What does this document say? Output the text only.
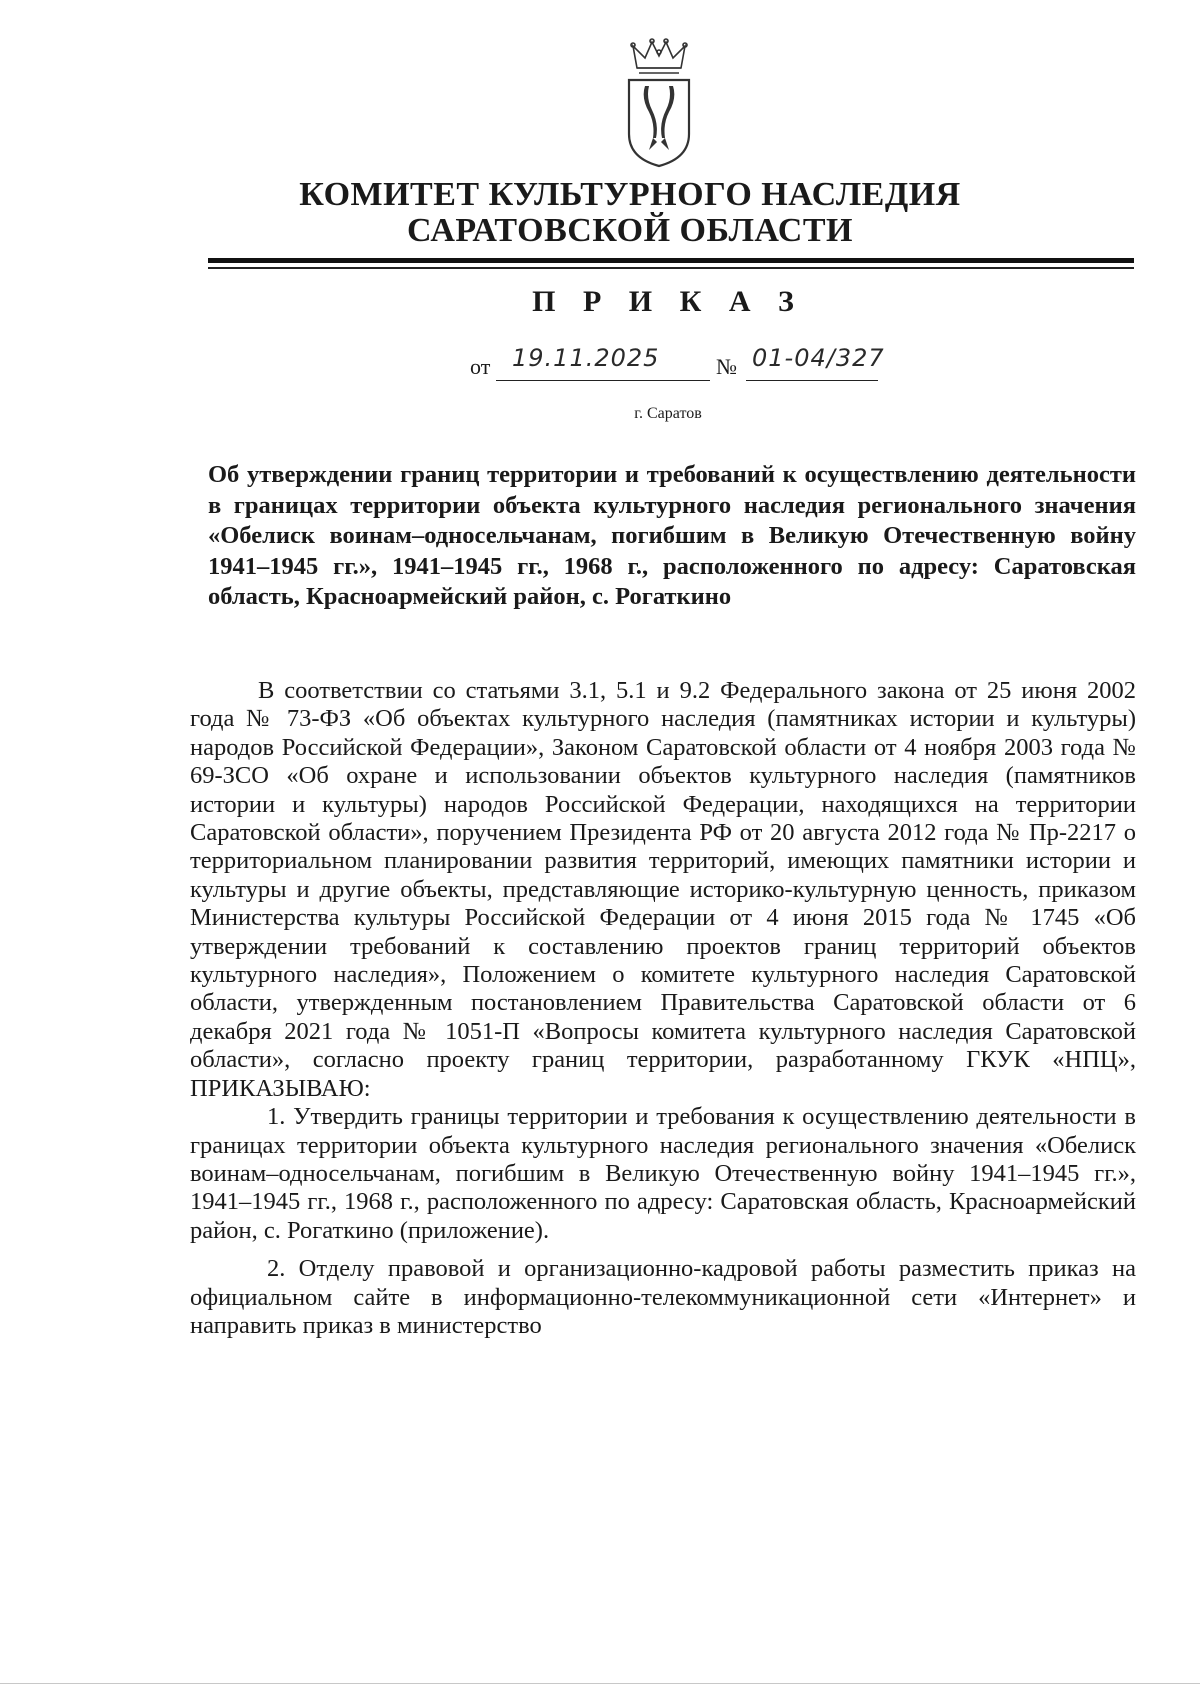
КОМИТЕТ КУЛЬТУРНОГО НАСЛЕДИЯ
САРАТОВСКОЙ ОБЛАСТИ
П Р И К А З
от 19.11.2025	№ 01-04/327
г. Саратов
Об утверждении границ территории и требований к осуществлению деятельности в границах территории объекта культурного наследия регионального значения «Обелиск воинам–односельчанам, погибшим в Великую Отечественную войну 1941–1945 гг.», 1941–1945 гг., 1968 г., расположенного по адресу: Саратовская область, Красноармейский район, с. Рогаткино

В соответствии со статьями 3.1, 5.1 и 9.2 Федерального закона от 25 июня 2002 года № 73-ФЗ «Об объектах культурного наследия (памятниках истории и культуры) народов Российской Федерации», Законом Саратовской области от 4 ноября 2003 года № 69-ЗСО «Об охране и использовании объектов культурного наследия (памятников истории и культуры) народов Российской Федерации, находящихся на территории Саратовской области», поручением Президента РФ от 20 августа 2012 года № Пр-2217 о территориальном планировании развития территорий, имеющих памятники истории и культуры и другие объекты, представляющие историко-культурную ценность, приказом Министерства культуры Российской Федерации от 4 июня 2015 года № 1745 «Об утверждении требований к составлению проектов границ территорий объектов культурного наследия», Положением о комитете культурного наследия Саратовской области, утвержденным постановлением Правительства Саратовской области от 6 декабря 2021 года № 1051-П «Вопросы комитета культурного наследия Саратовской области», согласно проекту границ территории, разработанному ГКУК «НПЦ», ПРИКАЗЫВАЮ:

1. Утвердить границы территории и требования к осуществлению деятельности в границах территории объекта культурного наследия регионального значения «Обелиск воинам–односельчанам, погибшим в Великую Отечественную войну 1941–1945 гг.», 1941–1945 гг., 1968 г., расположенного по адресу: Саратовская область, Красноармейский район, с. Рогаткино (приложение).

2. Отделу правовой и организационно-кадровой работы разместить приказ на официальном сайте в информационно-телекоммуникационной сети «Интернет» и направить приказ в министерство
